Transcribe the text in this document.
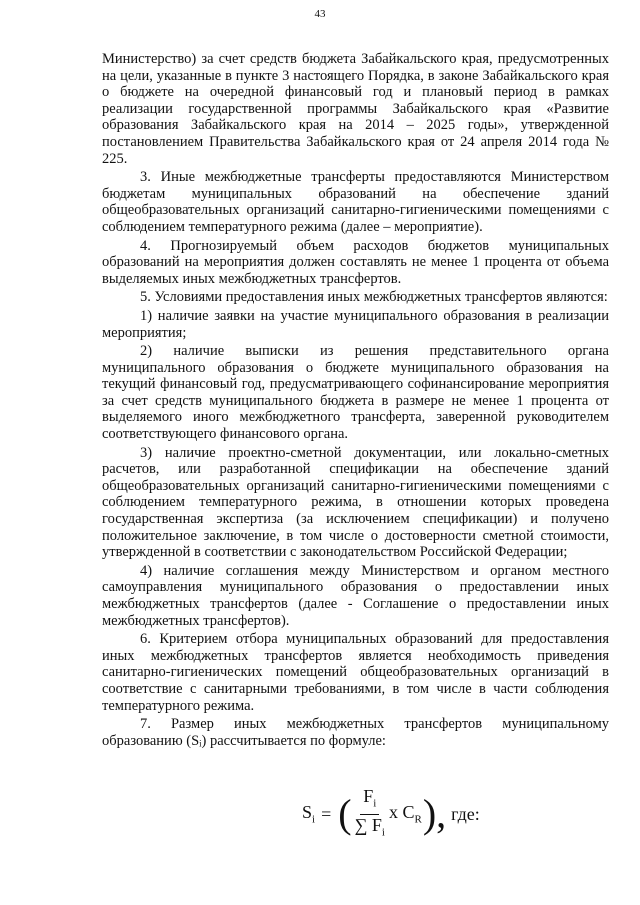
43

Министерство) за счет средств бюджета Забайкальского края, предусмотренных на цели, указанные в пункте 3 настоящего Порядка, в законе Забайкальского края о бюджете на очередной финансовый год и плановый период в рамках реализации государственной программы Забайкальского края «Развитие образования Забайкальского края на 2014 – 2025 годы», утвержденной постановлением Правительства Забайкальского края от 24 апреля 2014 года № 225.

3. Иные межбюджетные трансферты предоставляются Министерством бюджетам муниципальных образований на обеспечение зданий общеобразовательных организаций санитарно-гигиеническими помещениями с соблюдением температурного режима (далее – мероприятие).

4. Прогнозируемый объем расходов бюджетов муниципальных образований на мероприятия должен составлять не менее 1 процента от объема выделяемых иных межбюджетных трансфертов.

5. Условиями предоставления иных межбюджетных трансфертов являются:

1) наличие заявки на участие муниципального образования в реализации мероприятия;

2) наличие выписки из решения представительного органа муниципального образования о бюджете муниципального образования на текущий финансовый год, предусматривающего софинансирование мероприятия за счет средств муниципального бюджета в размере не менее 1 процента от выделяемого иного межбюджетного трансферта, заверенной руководителем соответствующего финансового органа.

3) наличие проектно-сметной документации, или локально-сметных расчетов, или разработанной спецификации на обеспечение зданий общеобразовательных организаций санитарно-гигиеническими помещениями с соблюдением температурного режима, в отношении которых проведена государственная экспертиза (за исключением спецификации) и получено положительное заключение, в том числе о достоверности сметной стоимости, утвержденной в соответствии с законодательством Российской Федерации;

4) наличие соглашения между Министерством и органом местного самоуправления муниципального образования о предоставлении иных межбюджетных трансфертов (далее - Соглашение о предоставлении иных межбюджетных трансфертов).

6. Критерием отбора муниципальных образований для предоставления иных межбюджетных трансфертов является необходимость приведения санитарно-гигиенических помещений общеобразовательных организаций в соответствие с санитарными требованиями, в том числе в части соблюдения температурного режима.

7. Размер иных межбюджетных трансфертов муниципальному образованию (Sᵢ) рассчитывается по формуле:

$S_i$ = ( $\frac{F_i}{\sum F_i}$ x $C_R$ ), где:
